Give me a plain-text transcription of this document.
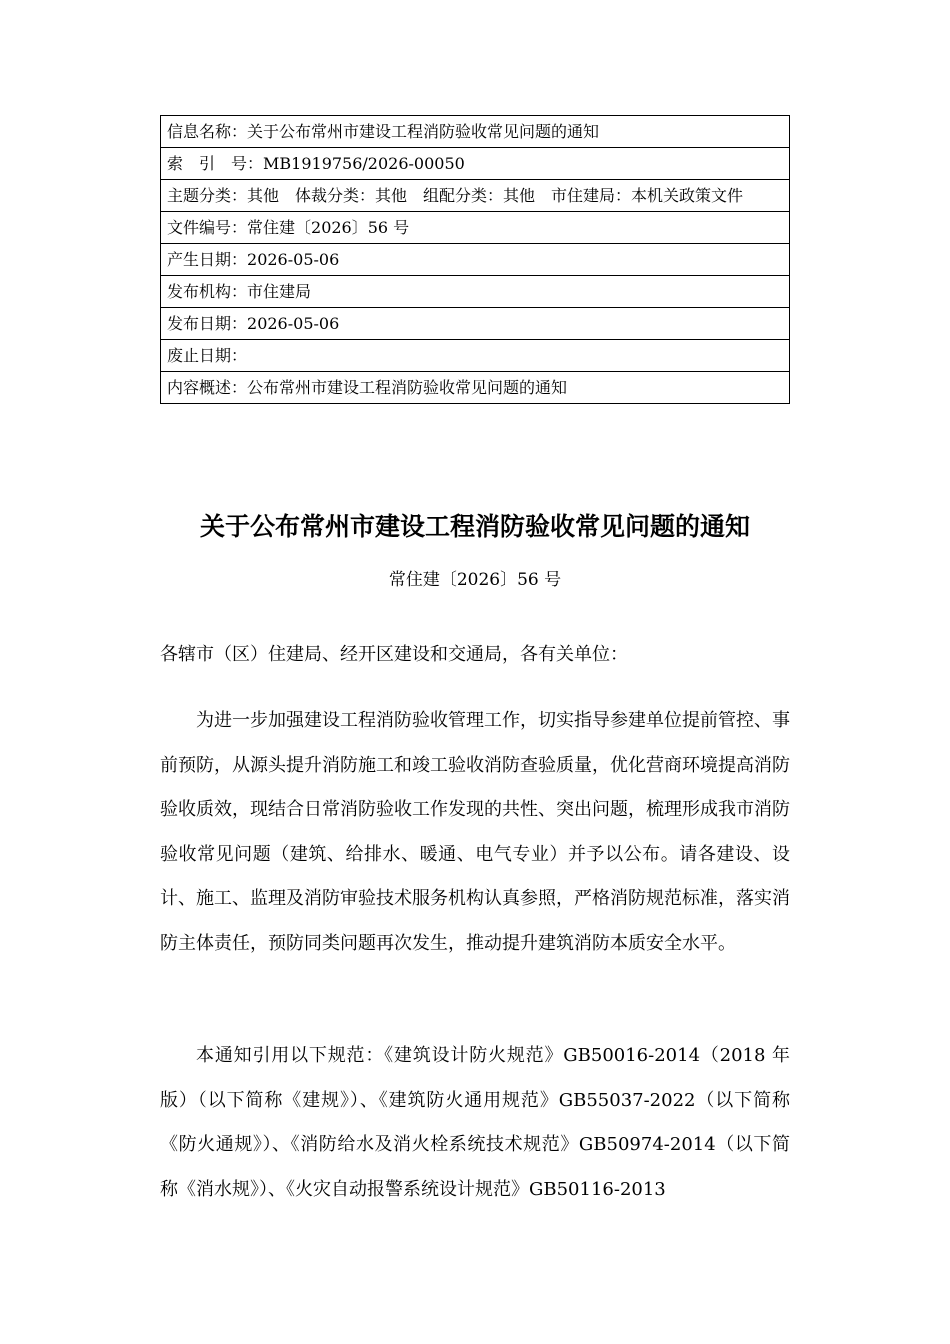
信息名称：关于公布常州市建设工程消防验收常见问题的通知
索　引　号：MB1919756/2026-00050
主题分类：其他　体裁分类：其他　组配分类：其他　市住建局：本机关政策文件
文件编号：常住建〔2026〕56 号
产生日期：2026-05-06
发布机构：市住建局
发布日期：2026-05-06
废止日期：
内容概述：公布常州市建设工程消防验收常见问题的通知
关于公布常州市建设工程消防验收常见问题的通知
常住建〔2026〕56 号

各辖市（区）住建局、经开区建设和交通局，各有关单位：

为进一步加强建设工程消防验收管理工作，切实指导参建单位提前管控、事前预防，从源头提升消防施工和竣工验收消防查验质量，优化营商环境提高消防验收质效，现结合日常消防验收工作发现的共性、突出问题，梳理形成我市消防验收常见问题（建筑、给排水、暖通、电气专业）并予以公布。请各建设、设计、施工、监理及消防审验技术服务机构认真参照，严格消防规范标准，落实消防主体责任，预防同类问题再次发生，推动提升建筑消防本质安全水平。

本通知引用以下规范：《建筑设计防火规范》GB50016-2014（2018 年版）（以下简称《建规》）、《建筑防火通用规范》GB55037-2022（以下简称《防火通规》）、《消防给水及消火栓系统技术规范》GB50974-2014（以下简称《消水规》）、《火灾自动报警系统设计规范》GB50116-2013
